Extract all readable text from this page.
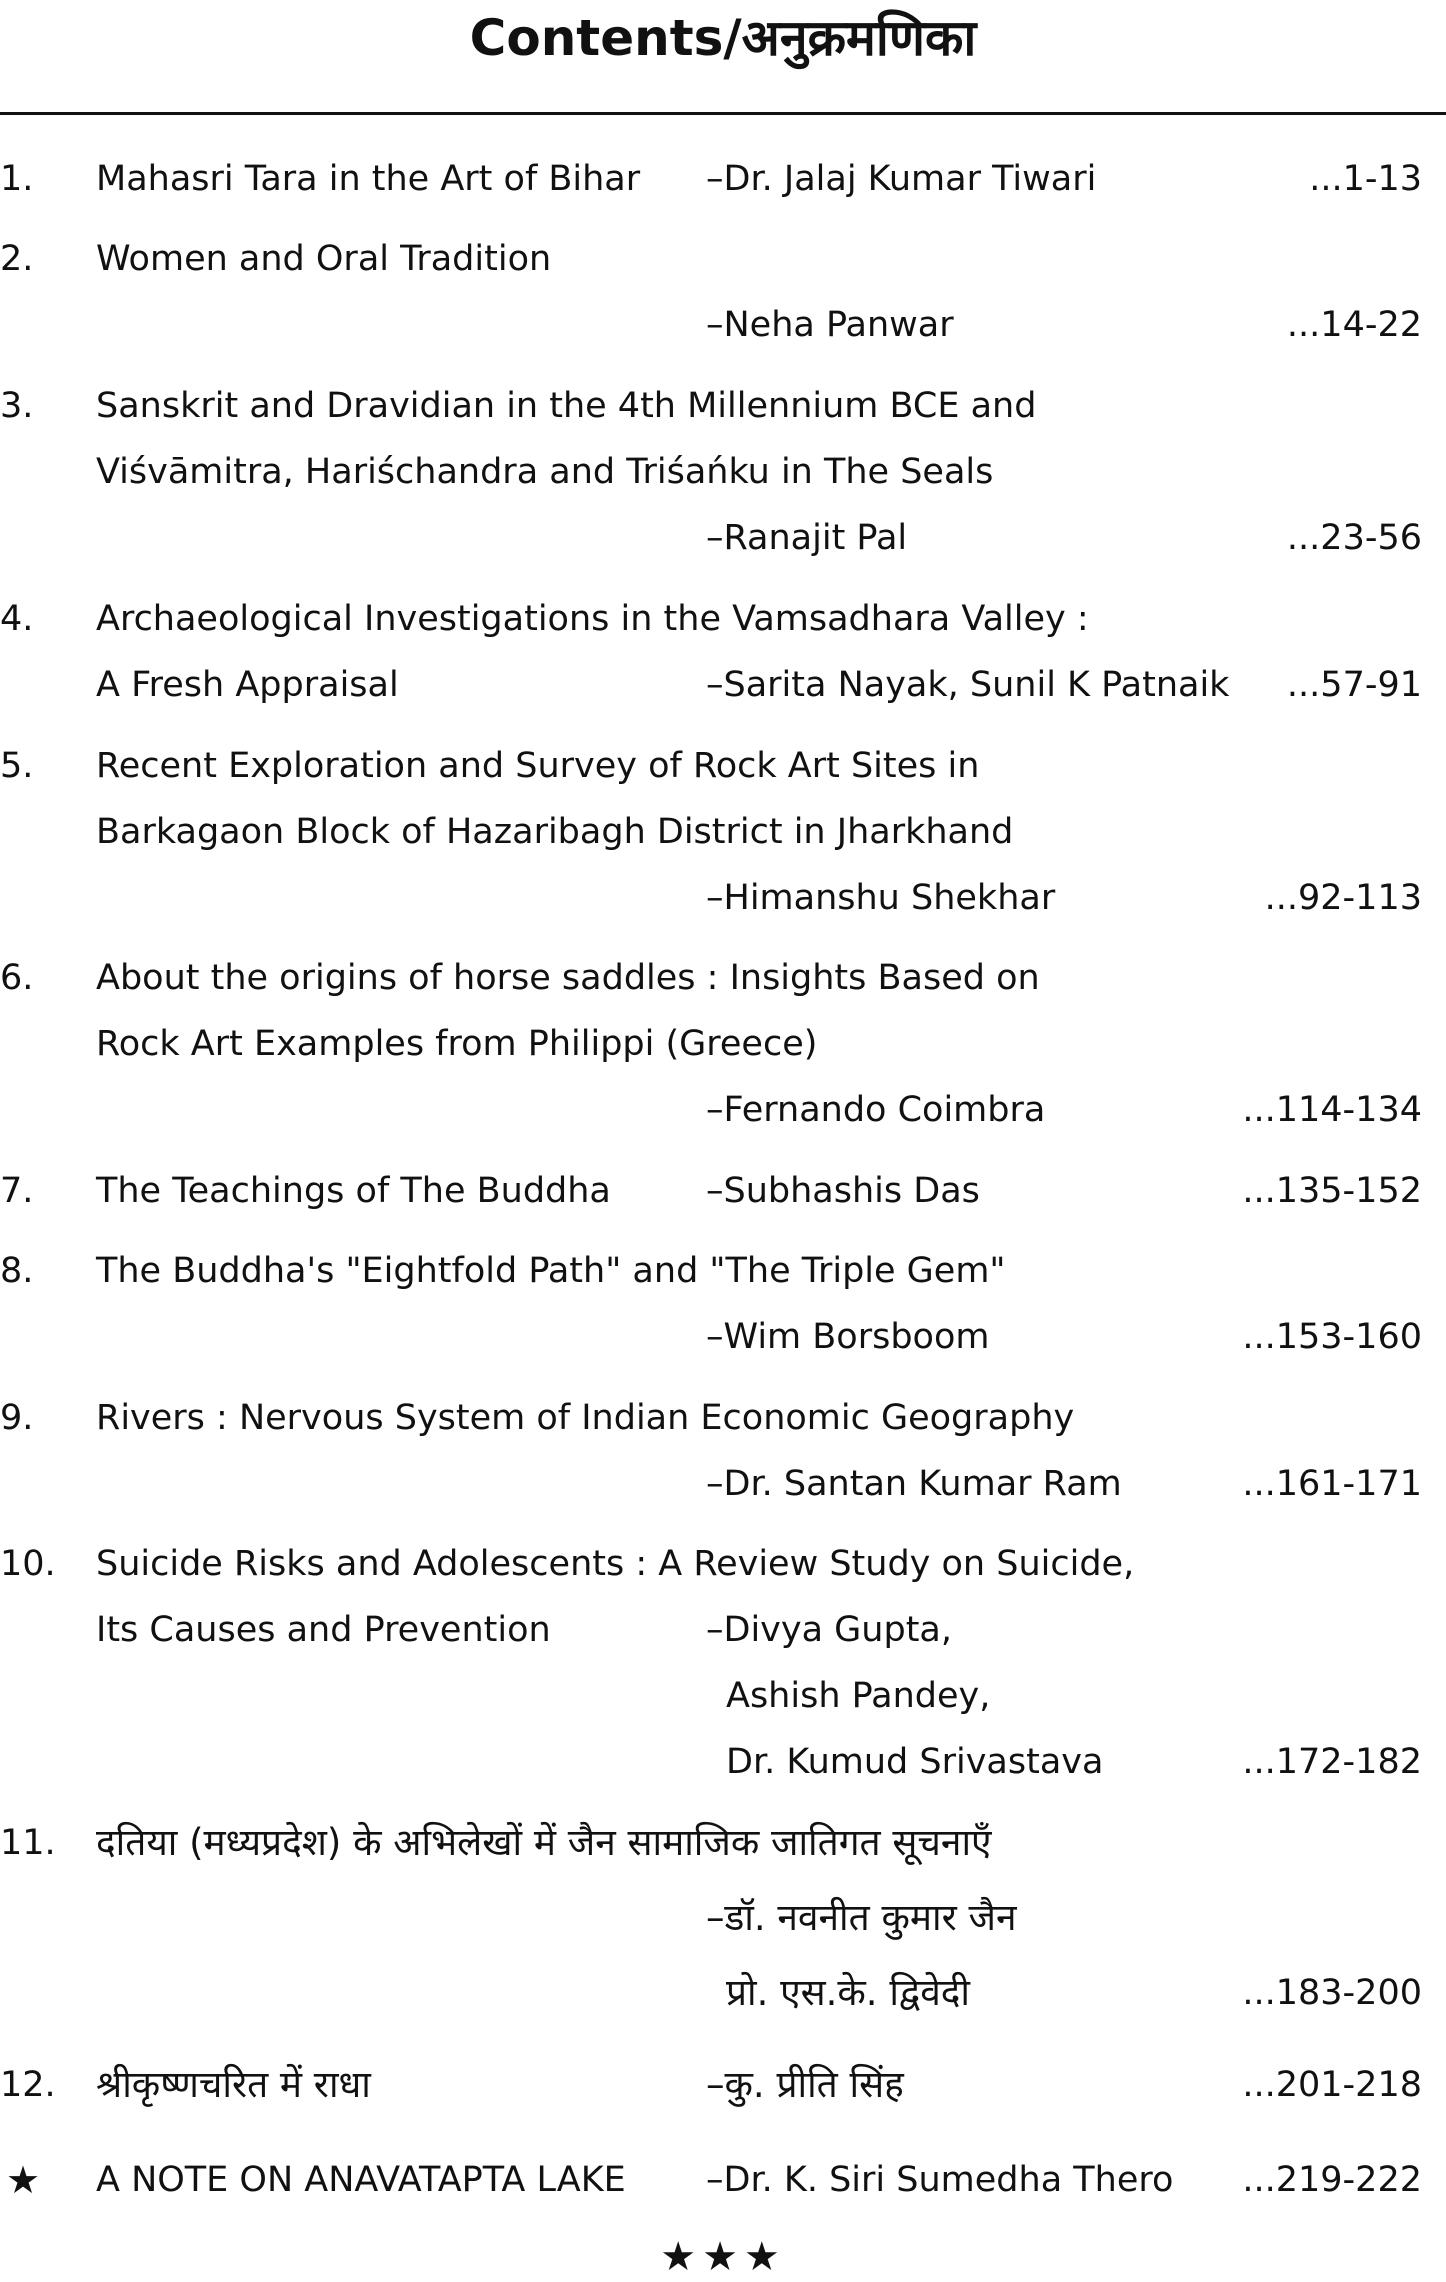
Contents/अनुक्रमणिका
1. Mahasri Tara in the Art of Bihar –Dr. Jalaj Kumar Tiwari	...1-13
2. Women and Oral Tradition
–Neha Panwar	...14-22
3. Sanskrit and Dravidian in the 4th Millennium BCE and
Viśvāmitra, Hariśchandra and Triśańku in The Seals
–Ranajit Pal	...23-56
4. Archaeological Investigations in the Vamsadhara Valley :
A Fresh Appraisal	–Sarita Nayak, Sunil K Patnaik ...57-91
5. Recent Exploration and Survey of Rock Art Sites in
Barkagaon Block of Hazaribagh District in Jharkhand
–Himanshu Shekhar	...92-113
6. About the origins of horse saddles : Insights Based on
Rock Art Examples from Philippi (Greece)
–Fernando Coimbra	...114-134
7. The Teachings of The Buddha	–Subhashis Das	...135-152
8. The Buddha's "Eightfold Path" and "The Triple Gem"
–Wim Borsboom	...153-160
9. Rivers : Nervous System of Indian Economic Geography
–Dr. Santan Kumar Ram	...161-171
10. Suicide Risks and Adolescents : A Review Study on Suicide,
Its Causes and Prevention	–Divya Gupta,
Ashish Pandey,
Dr. Kumud Srivastava	...172-182
11. दतिया (मध्यप्रदेश) के अभिलेखों में जैन सामाजिक जातिगत सूचनाएँ
–डॉ. नवनीत कुमार जैन
प्रो. एस.के. द्विवेदी	...183-200
12. श्रीकृष्णचरित में राधा	–कु. प्रीति सिंह	...201-218
★ A NOTE ON ANAVATAPTA LAKE –Dr. K. Siri Sumedha Thero ...219-222
★★★
